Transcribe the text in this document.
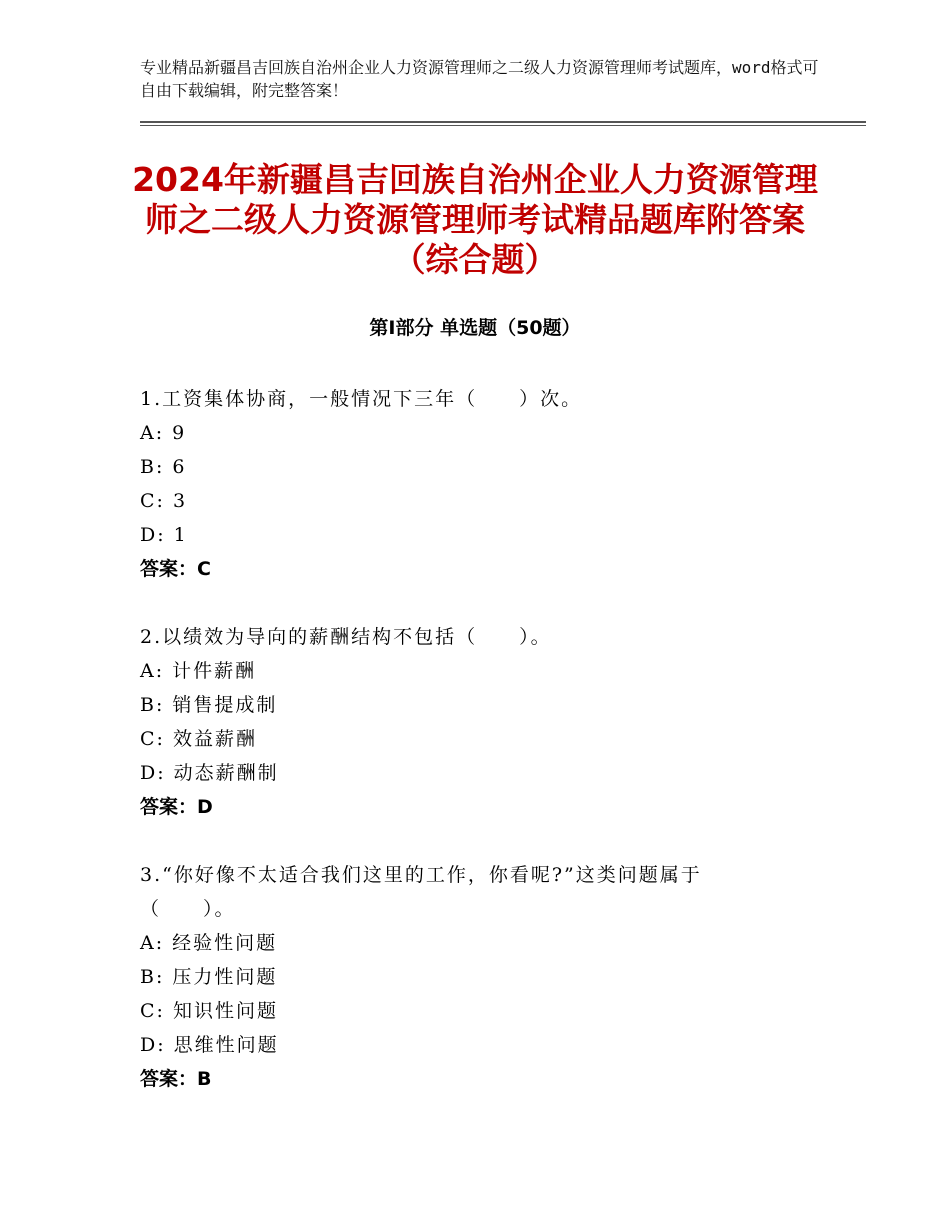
专业精品新疆昌吉回族自治州企业人力资源管理师之二级人力资源管理师考试题库，word格式可自由下载编辑，附完整答案！
2024年新疆昌吉回族自治州企业人力资源管理师之二级人力资源管理师考试精品题库附答案（综合题）
第Ⅰ部分 单选题（50题）
1.工资集体协商，一般情况下三年（　　）次。
A: 9
B: 6
C: 3
D: 1
答案：C
2.以绩效为导向的薪酬结构不包括（　　）。
A: 计件薪酬
B: 销售提成制
C: 效益薪酬
D: 动态薪酬制
答案：D
3.“你好像不太适合我们这里的工作，你看呢?”这类问题属于
（　　）。
A: 经验性问题
B: 压力性问题
C: 知识性问题
D: 思维性问题
答案：B
